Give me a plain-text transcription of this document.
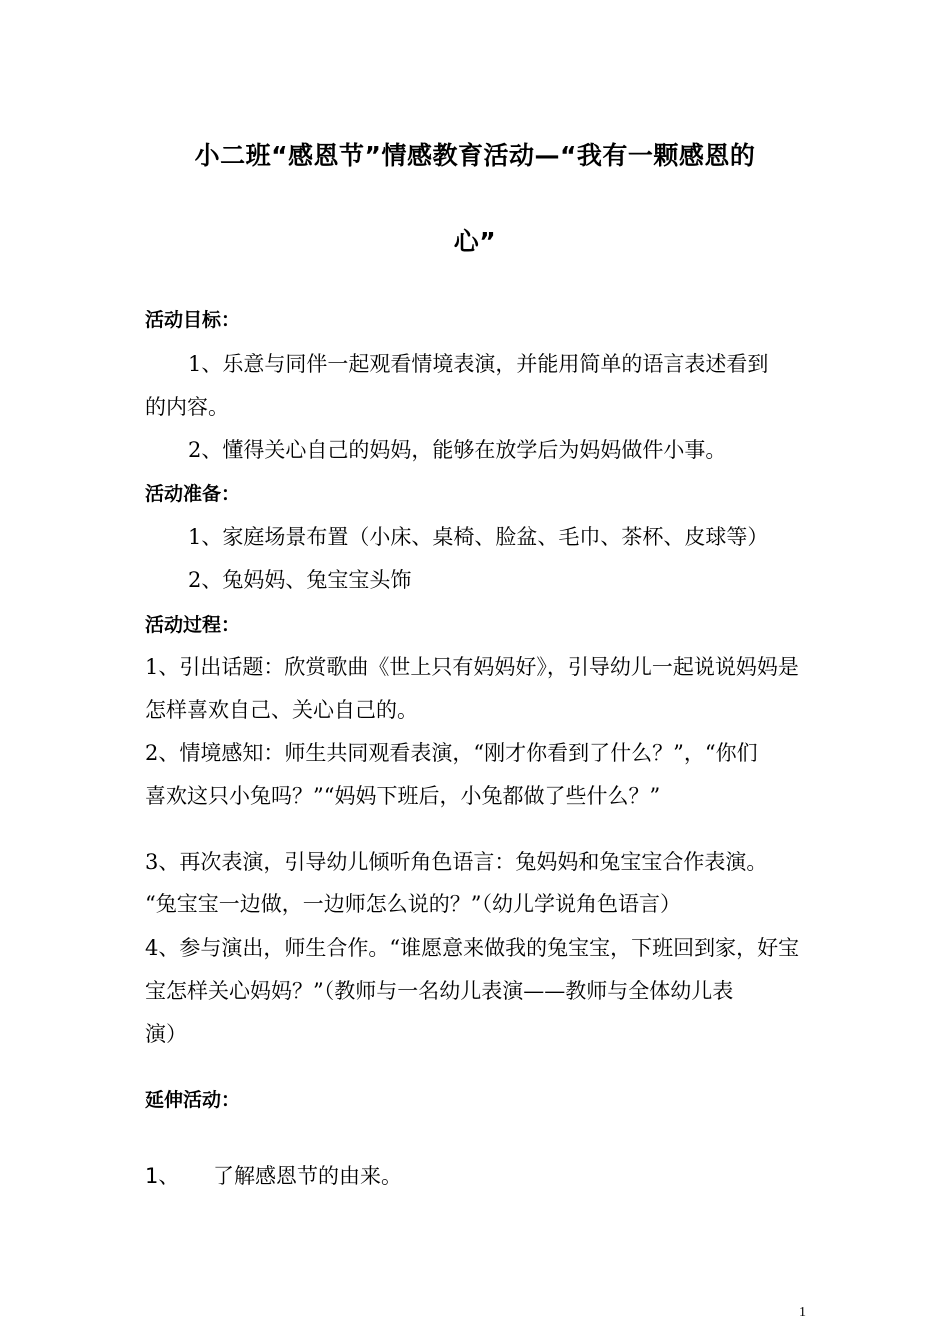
小二班“感恩节”情感教育活动—“我有一颗感恩的
心”
活动目标：
1、乐意与同伴一起观看情境表演，并能用简单的语言表述看到
的内容。
2、懂得关心自己的妈妈，能够在放学后为妈妈做件小事。
活动准备：
1、家庭场景布置（小床、桌椅、脸盆、毛巾、茶杯、皮球等）
2、兔妈妈、兔宝宝头饰
活动过程：
1、引出话题：欣赏歌曲《世上只有妈妈好》，引导幼儿一起说说妈妈是
怎样喜欢自己、关心自己的。
2、情境感知：师生共同观看表演，“刚才你看到了什么？”，“你们
喜欢这只小兔吗？”“妈妈下班后，小兔都做了些什么？”
3、再次表演，引导幼儿倾听角色语言：兔妈妈和兔宝宝合作表演。
“兔宝宝一边做，一边师怎么说的？”（幼儿学说角色语言）
4、参与演出，师生合作。“谁愿意来做我的兔宝宝，下班回到家，好宝
宝怎样关心妈妈？”（教师与一名幼儿表演——教师与全体幼儿表
演）
延伸活动：
1、 了解感恩节的由来。
1
